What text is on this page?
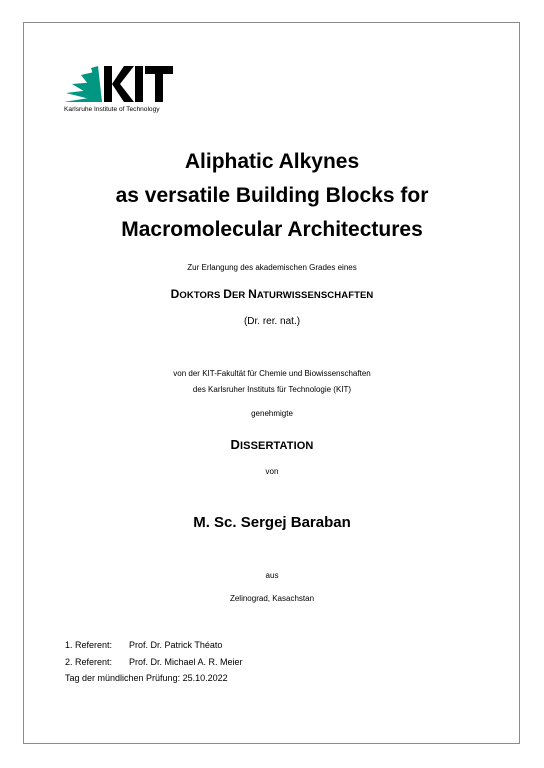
Karlsruhe Institute of Technology
Aliphatic Alkynes
as versatile Building Blocks for
Macromolecular Architectures
Zur Erlangung des akademischen Grades eines
DOKTORS DER NATURWISSENSCHAFTEN
(Dr. rer. nat.)
von der KIT-Fakultät für Chemie und Biowissenschaften
des Karlsruher Instituts für Technologie (KIT)
genehmigte
DISSERTATION
von
M. Sc. Sergej Baraban
aus
Zelinograd, Kasachstan
1. Referent: Prof. Dr. Patrick Théato
2. Referent: Prof. Dr. Michael A. R. Meier
Tag der mündlichen Prüfung: 25.10.2022
